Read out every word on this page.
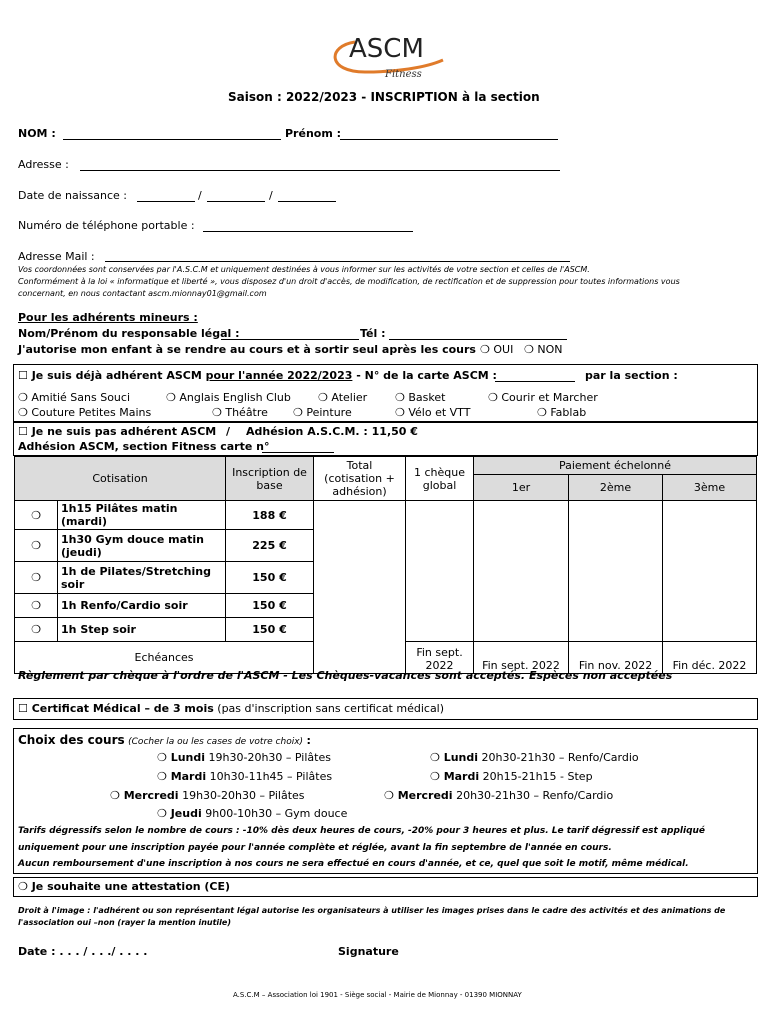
ASCM
Fitness
Saison : 2022/2023 - INSCRIPTION à la section
NOM :	Prénom :
Adresse :
Date de naissance :	/	/
Numéro de téléphone portable :
Adresse Mail :
Vos coordonnées sont conservées par l'A.S.C.M et uniquement destinées à vous informer sur les activités de votre section et celles de l'ASCM.
Conformément à la loi « informatique et liberté », vous disposez d'un droit d'accès, de modification, de rectification et de suppression pour toutes informations vous
concernant, en nous contactant ascm.mionnay01@gmail.com
Pour les adhérents mineurs :
Nom/Prénom du responsable légal :	Tél :
J'autorise mon enfant à se rendre au cours et à sortir seul après les cours ❍ OUI ❍ NON
☐ Je suis déjà adhérent ASCM pour l'année 2022/2023 - N° de la carte ASCM :	par la section :
❍ Amitié Sans Souci	❍ Anglais English Club ❍ Atelier	❍ Basket	❍ Courir et Marcher
❍ Couture Petites Mains	❍ Théâtre ❍ Peinture	❍ Vélo et VTT	❍ Fablab
☐ Je ne suis pas adhérent ASCM / Adhésion A.S.C.M. : 11,50 €
Adhésion ASCM, section Fitness carte n°
Cotisation		Inscription de base	Total (cotisation + adhésion)	1 chèque global	Paiement échelonné		
					1er	2ème	3ème
❍	1h15 Pilâtes matin (mardi)	188 €					
❍	1h30 Gym douce matin (jeudi)	225 €					
❍	1h de Pilates/Stretching soir	150 €					
❍	1h Renfo/Cardio soir	150 €					
❍	1h Step soir	150 €					
Echéances				Fin sept. 2022	Fin sept. 2022	Fin nov. 2022	Fin déc. 2022
Règlement par chèque à l'ordre de l'ASCM - Les Chèques-vacances sont acceptés. Espèces non acceptées
☐ Certificat Médical – de 3 mois (pas d'inscription sans certificat médical)
Choix des cours (Cocher la ou les cases de votre choix) :
❍ Lundi 19h30-20h30 – Pilâtes
❍ Mardi 10h30-11h45 – Pilâtes
❍ Mercredi 19h30-20h30 – Pilâtes
❍ Jeudi 9h00-10h30 – Gym douce
❍ Lundi 20h30-21h30 – Renfo/Cardio
❍ Mardi 20h15-21h15 - Step
❍ Mercredi 20h30-21h30 – Renfo/Cardio
Tarifs dégressifs selon le nombre de cours : -10% dès deux heures de cours, -20% pour 3 heures et plus. Le tarif dégressif est appliqué
uniquement pour une inscription payée pour l'année complète et réglée, avant la fin septembre de l'année en cours.
Aucun remboursement d'une inscription à nos cours ne sera effectué en cours d'année, et ce, quel que soit le motif, même médical.
❍ Je souhaite une attestation (CE)
Droit à l'image : l'adhérent ou son représentant légal autorise les organisateurs à utiliser les images prises dans le cadre des activités et des animations de
l'association oui –non (rayer la mention inutile)
Date : . . . / . . ./ . . . .	Signature
A.S.C.M – Association loi 1901 - Siège social - Mairie de Mionnay - 01390 MIONNAY
